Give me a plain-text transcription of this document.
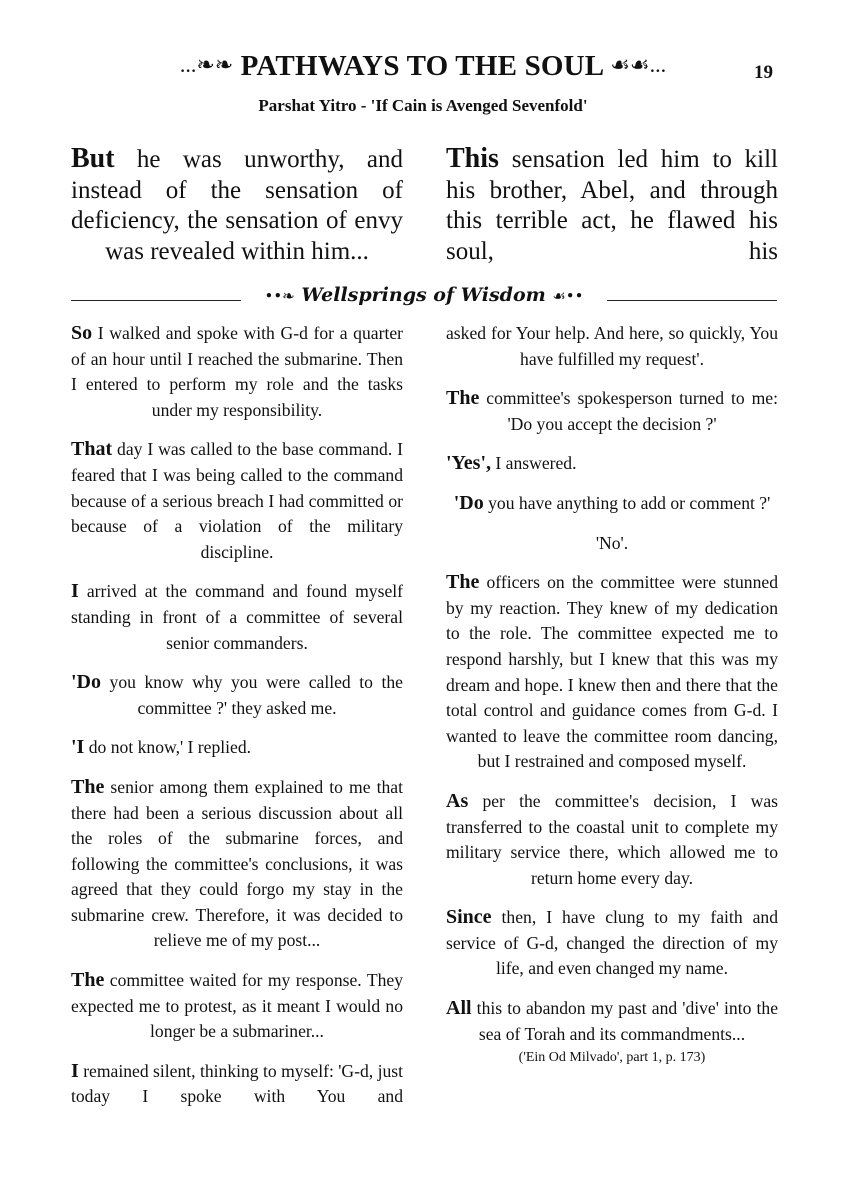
...❧❧ PATHWAYS TO THE SOUL ☙☙...	19
Parshat Yitro - 'If Cain is Avenged Sevenfold'
But he was unworthy, and instead of the sensation of deficiency, the sensation of envy was revealed within him...
This sensation led him to kill his brother, Abel, and through this terrible act, he flawed his soul, his
••❧ Wellsprings of Wisdom ☙••

So I walked and spoke with G-d for a quarter of an hour until I reached the submarine. Then I entered to perform my role and the tasks under my responsibility.

That day I was called to the base command. I feared that I was being called to the command because of a serious breach I had committed or because of a violation of the military discipline.

I arrived at the command and found myself standing in front of a committee of several senior commanders.

'Do you know why you were called to the committee ?' they asked me.

'I do not know,' I replied.

The senior among them explained to me that there had been a serious discussion about all the roles of the submarine forces, and following the committee's conclusions, it was agreed that they could forgo my stay in the submarine crew. Therefore, it was decided to relieve me of my post...

The committee waited for my response. They expected me to protest, as it meant I would no longer be a submariner...

I remained silent, thinking to myself: 'G-d, just today I spoke with You and

asked for Your help. And here, so quickly, You have fulfilled my request'.

The committee's spokesperson turned to me: 'Do you accept the decision ?'

'Yes', I answered.

'Do you have anything to add or comment ?'

'No'.

The officers on the committee were stunned by my reaction. They knew of my dedication to the role. The committee expected me to respond harshly, but I knew that this was my dream and hope. I knew then and there that the total control and guidance comes from G-d. I wanted to leave the committee room dancing, but I restrained and composed myself.

As per the committee's decision, I was transferred to the coastal unit to complete my military service there, which allowed me to return home every day.

Since then, I have clung to my faith and service of G-d, changed the direction of my life, and even changed my name.

All this to abandon my past and 'dive' into the sea of Torah and its commandments...

('Ein Od Milvado', part 1, p. 173)
